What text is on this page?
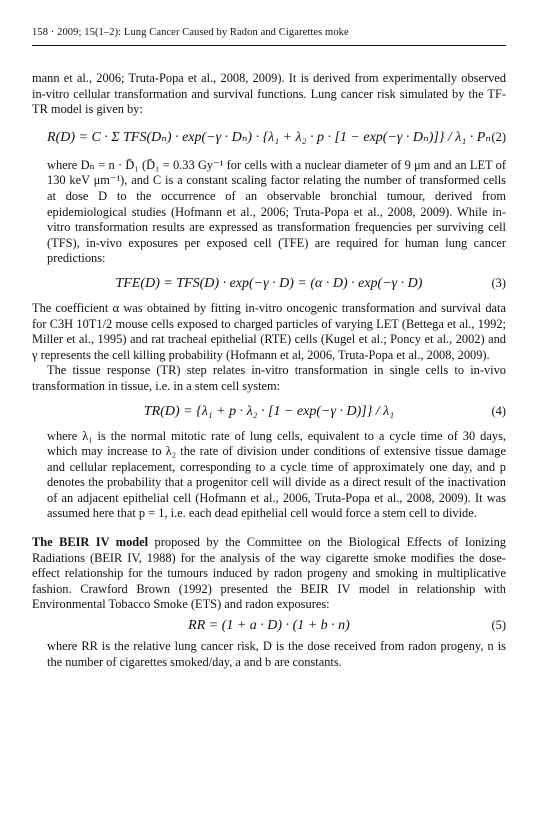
158 · 2009; 15(1–2): Lung Cancer Caused by Radon and Cigarettes moke

mann et al., 2006; Truta-Popa et al., 2008, 2009). It is derived from experimentally observed in-vitro cellular transformation and survival functions. Lung cancer risk simulated by the TF-TR model is given by:

R(D) = C · Σ TFS(Dₙ) · exp(−γ · Dₙ) · {λ₁ + λ₂ · p · [1 − exp(−γ · Dₙ)]} / λ₁ · Pₙ (2)

where Dₙ = n · D̄₁ (D̄₁ = 0.33 Gy⁻¹ for cells with a nuclear diameter of 9 μm and an LET of 130 keV μm⁻¹), and C is a constant scaling factor relating the number of transformed cells at dose D to the occurrence of an observable bronchial tumour, derived from epidemiological studies (Hofmann et al., 2006; Truta-Popa et al., 2008, 2009). While in-vitro transformation results are expressed as transformation frequencies per surviving cell (TFS), in-vivo exposures per exposed cell (TFE) are required for human lung cancer predictions:

TFE(D) = TFS(D) · exp(−γ · D) = (α · D) · exp(−γ · D)	(3)

The coefficient α was obtained by fitting in-vitro oncogenic transformation and survival data for C3H 10T1/2 mouse cells exposed to charged particles of varying LET (Bettega et al., 1992; Miller et al., 1995) and rat tracheal epithelial (RTE) cells (Kugel et al.; Poncy et al., 2002) and γ represents the cell killing probability (Hofmann et al, 2006, Truta-Popa et al., 2008, 2009).

The tissue response (TR) step relates in-vitro transformation in single cells to in-vivo transformation in tissue, i.e. in a stem cell system:

TR(D) = {λ₁ + p · λ₂ · [1 − exp(−γ · D)]} / λ₁	(4)

where λ₁ is the normal mitotic rate of lung cells, equivalent to a cycle time of 30 days, which may increase to λ₂ the rate of division under conditions of extensive tissue damage and cellular replacement, corresponding to a cycle time of approximately one day, and p denotes the probability that a progenitor cell will divide as a direct result of the inactivation of an adjacent epithelial cell (Hofmann et al., 2006, Truta-Popa et al., 2008, 2009). It was assumed here that p = 1, i.e. each dead epithelial cell would force a stem cell to divide.

The BEIR IV model proposed by the Committee on the Biological Effects of Ionizing Radiations (BEIR IV, 1988) for the analysis of the way cigarette smoke modifies the dose-effect relationship for the tumours induced by radon progeny and smoking in multiplicative fashion. Crawford Brown (1992) presented the BEIR IV model in relationship with Environmental Tobacco Smoke (ETS) and radon exposures:

RR = (1 + a · D) · (1 + b · n)	(5)

where RR is the relative lung cancer risk, D is the dose received from radon progeny, n is the number of cigarettes smoked/day, a and b are constants.
